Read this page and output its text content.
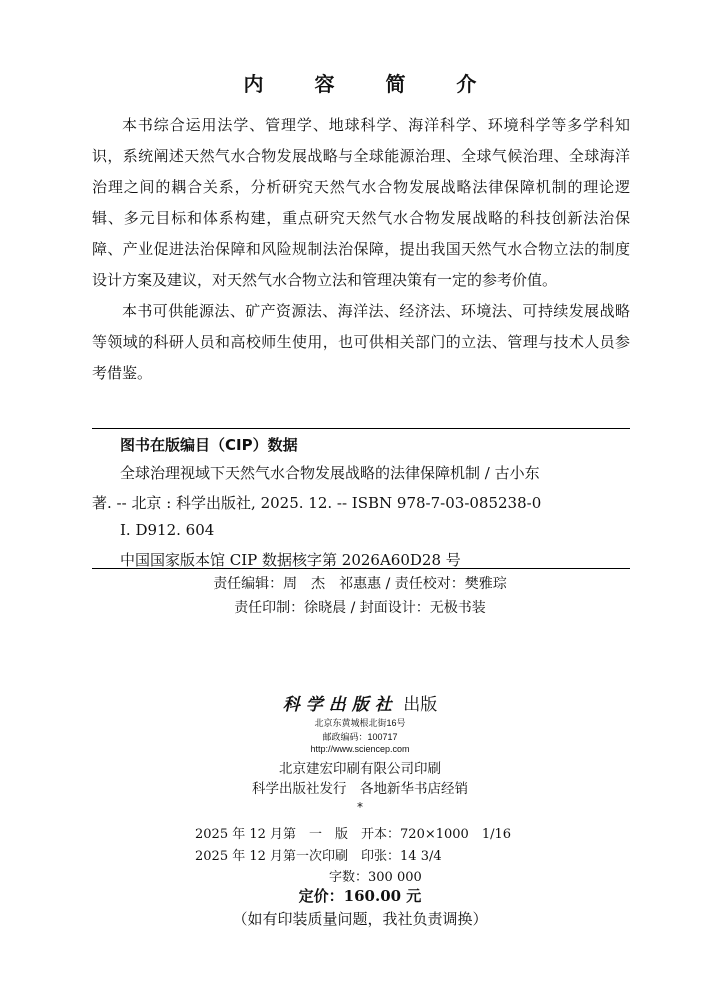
内 容 简 介

本书综合运用法学、管理学、地球科学、海洋科学、环境科学等多学科知识，系统阐述天然气水合物发展战略与全球能源治理、全球气候治理、全球海洋治理之间的耦合关系，分析研究天然气水合物发展战略法律保障机制的理论逻辑、多元目标和体系构建，重点研究天然气水合物发展战略的科技创新法治保障、产业促进法治保障和风险规制法治保障，提出我国天然气水合物立法的制度设计方案及建议，对天然气水合物立法和管理决策有一定的参考价值。

本书可供能源法、矿产资源法、海洋法、经济法、环境法、可持续发展战略等领域的科研人员和高校师生使用，也可供相关部门的立法、管理与技术人员参考借鉴。

图书在版编目（CIP）数据
全球治理视域下天然气水合物发展战略的法律保障机制 / 古小东
著. -- 北京 : 科学出版社, 2025. 12. -- ISBN 978-7-03-085238-0
Ⅰ. D912. 604
中国国家版本馆 CIP 数据核字第 2026A60D28 号
责任编辑：周　杰　祁惠惠 / 责任校对：樊雅琮
责任印制：徐晓晨 / 封面设计：无极书装
科学出版社 出版
北京东黄城根北街16号
邮政编码：100717
http://www.sciencep.com
北京建宏印刷有限公司印刷
科学出版社发行　各地新华书店经销
*
2025 年 12 月第　一　版　开本：720×1000　1/16
2025 年 12 月第一次印刷　印张：14 3/4
字数：300 000
定价：160.00 元
（如有印装质量问题，我社负责调换）
